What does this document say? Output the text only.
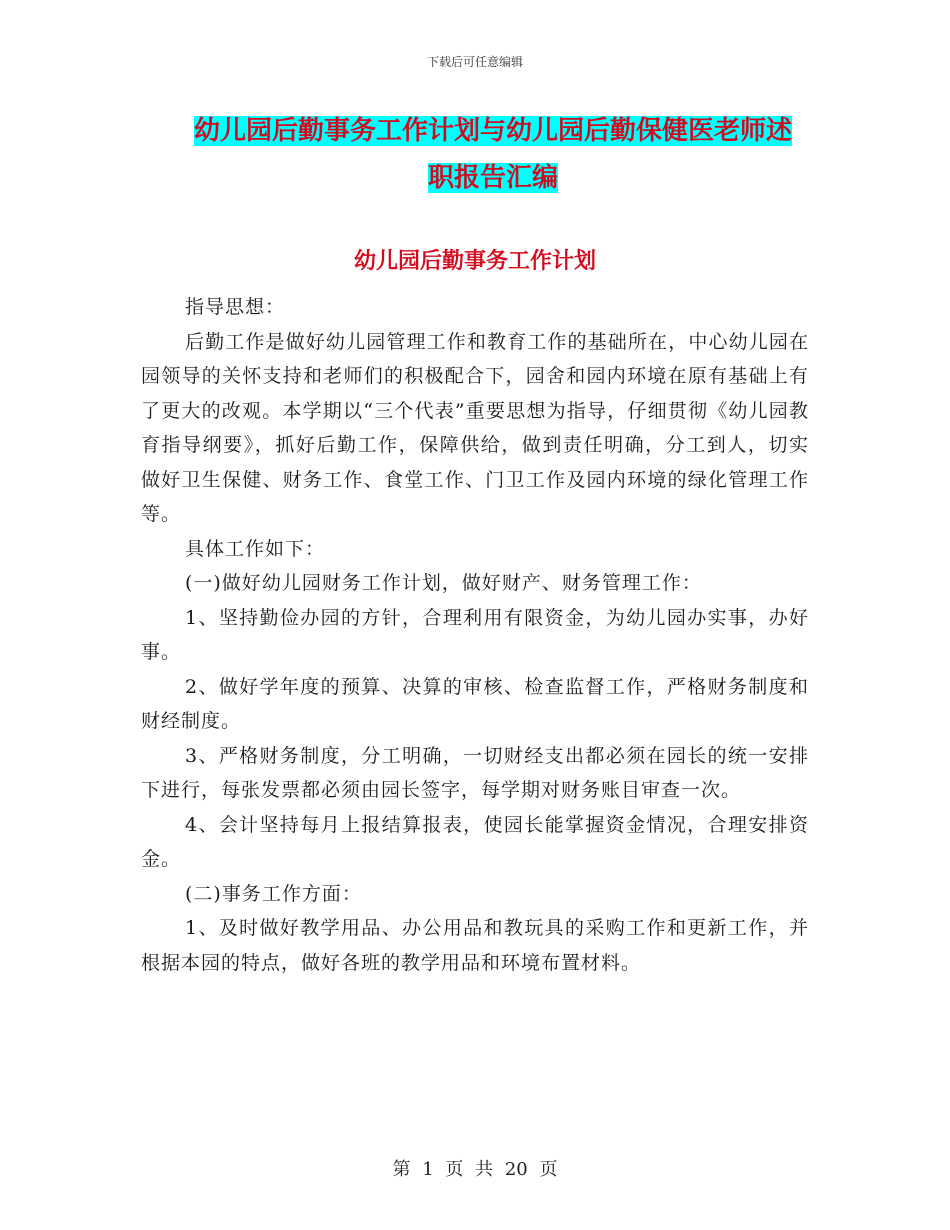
下载后可任意编辑
幼儿园后勤事务工作计划与幼儿园后勤保健医老师述
职报告汇编
幼儿园后勤事务工作计划

指导思想：

后勤工作是做好幼儿园管理工作和教育工作的基础所在，中心幼儿园在园领导的关怀支持和老师们的积极配合下，园舍和园内环境在原有基础上有了更大的改观。本学期以“三个代表”重要思想为指导，仔细贯彻《幼儿园教育指导纲要》，抓好后勤工作，保障供给，做到责任明确，分工到人，切实做好卫生保健、财务工作、食堂工作、门卫工作及园内环境的绿化管理工作等。

具体工作如下：

(一)做好幼儿园财务工作计划，做好财产、财务管理工作：

1、坚持勤俭办园的方针，合理利用有限资金，为幼儿园办实事，办好事。

2、做好学年度的预算、决算的审核、检查监督工作，严格财务制度和财经制度。

3、严格财务制度，分工明确，一切财经支出都必须在园长的统一安排下进行，每张发票都必须由园长签字，每学期对财务账目审查一次。

4、会计坚持每月上报结算报表，使园长能掌握资金情况，合理安排资金。

(二)事务工作方面：

1、及时做好教学用品、办公用品和教玩具的采购工作和更新工作，并根据本园的特点，做好各班的教学用品和环境布置材料。

第 1 页 共 20 页
